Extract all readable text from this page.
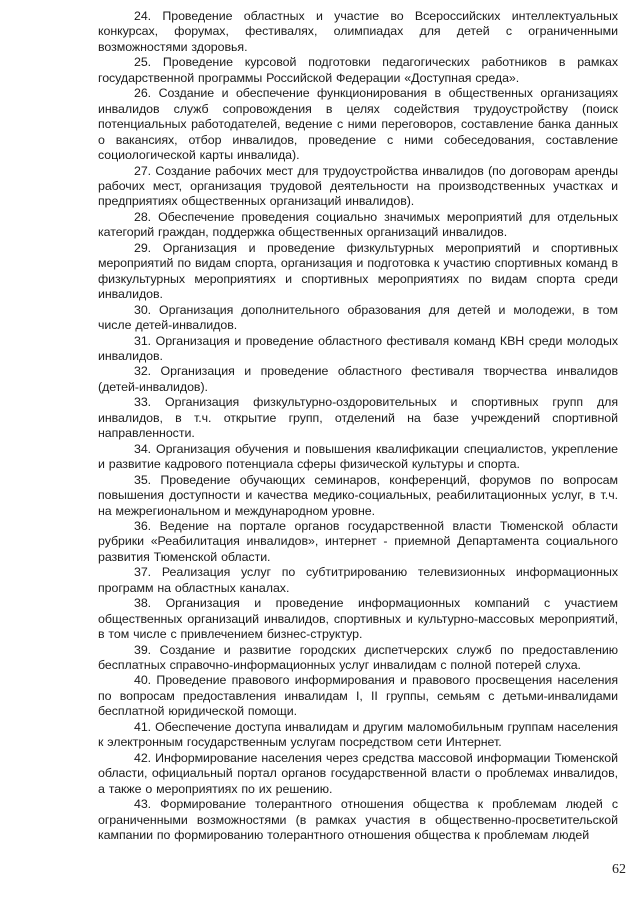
24. Проведение областных и участие во Всероссийских интеллектуальных конкурсах, форумах, фестивалях, олимпиадах для детей с ограниченными возможностями здоровья.

25. Проведение курсовой подготовки педагогических работников в рамках государственной программы Российской Федерации «Доступная среда».

26. Создание и обеспечение функционирования в общественных организациях инвалидов служб сопровождения в целях содействия трудоустройству (поиск потенциальных работодателей, ведение с ними переговоров, составление банка данных о вакансиях, отбор инвалидов, проведение с ними собеседования, составление социологической карты инвалида).

27. Создание рабочих мест для трудоустройства инвалидов (по договорам аренды рабочих мест, организация трудовой деятельности на производственных участках и предприятиях общественных организаций инвалидов).

28. Обеспечение проведения социально значимых мероприятий для отдельных категорий граждан, поддержка общественных организаций инвалидов.

29. Организация и проведение физкультурных мероприятий и спортивных мероприятий по видам спорта, организация и подготовка к участию спортивных команд в физкультурных мероприятиях и спортивных мероприятиях по видам спорта среди инвалидов.

30. Организация дополнительного образования для детей и молодежи, в том числе детей-инвалидов.

31. Организация и проведение областного фестиваля команд КВН среди молодых инвалидов.

32. Организация и проведение областного фестиваля творчества инвалидов (детей-инвалидов).

33. Организация физкультурно-оздоровительных и спортивных групп для инвалидов, в т.ч. открытие групп, отделений на базе учреждений спортивной направленности.

34. Организация обучения и повышения квалификации специалистов, укрепление и развитие кадрового потенциала сферы физической культуры и спорта.

35. Проведение обучающих семинаров, конференций, форумов по вопросам повышения доступности и качества медико-социальных, реабилитационных услуг, в т.ч. на межрегиональном и международном уровне.

36. Ведение на портале органов государственной власти Тюменской области рубрики «Реабилитация инвалидов», интернет - приемной Департамента социального развития Тюменской области.

37. Реализация услуг по субтитрированию телевизионных информационных программ на областных каналах.

38. Организация и проведение информационных компаний с участием общественных организаций инвалидов, спортивных и культурно-массовых мероприятий, в том числе с привлечением бизнес-структур.

39. Создание и развитие городских диспетчерских служб по предоставлению бесплатных справочно-информационных услуг инвалидам с полной потерей слуха.

40. Проведение правового информирования и правового просвещения населения по вопросам предоставления инвалидам I, II группы, семьям с детьми-инвалидами бесплатной юридической помощи.

41. Обеспечение доступа инвалидам и другим маломобильным группам населения к электронным государственным услугам посредством сети Интернет.

42. Информирование населения через средства массовой информации Тюменской области, официальный портал органов государственной власти о проблемах инвалидов, а также о мероприятиях по их решению.

43. Формирование толерантного отношения общества к проблемам людей с ограниченными возможностями (в рамках участия в общественно-просветительской кампании по формированию толерантного отношения общества к проблемам людей

62
